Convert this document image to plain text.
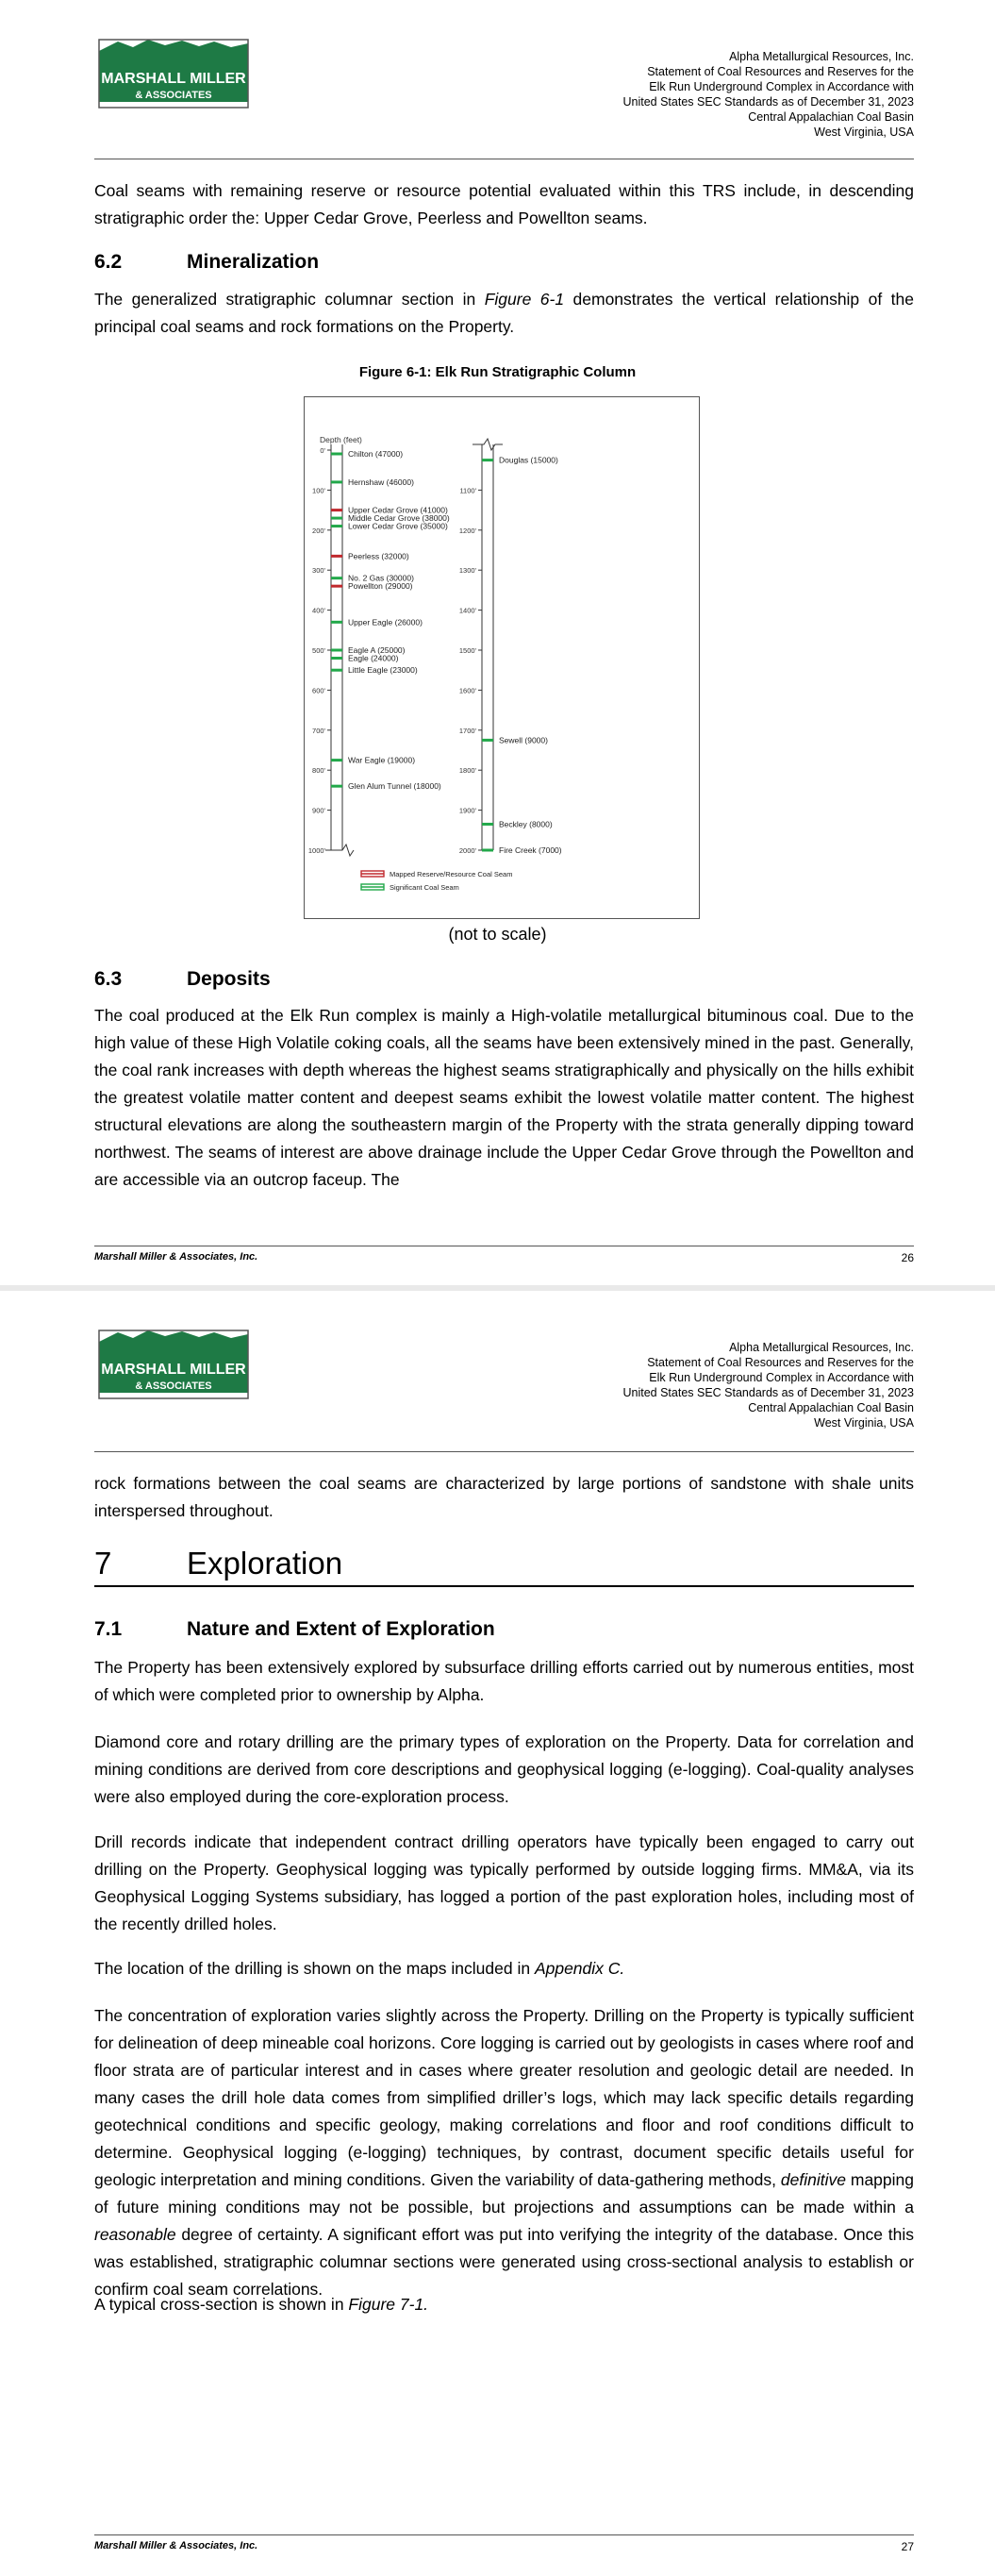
MARSHALL MILLER
& ASSOCIATES
Alpha Metallurgical Resources, Inc.
Statement of Coal Resources and Reserves for the
Elk Run Underground Complex in Accordance with
United States SEC Standards as of December 31, 2023
Central Appalachian Coal Basin
West Virginia, USA
Coal seams with remaining reserve or resource potential evaluated within this TRS include, in descending stratigraphic order the: Upper Cedar Grove, Peerless and Powellton seams.
6.2	Mineralization
The generalized stratigraphic columnar section in Figure 6-1 demonstrates the vertical relationship of the principal coal seams and rock formations on the Property.
Figure 6-1: Elk Run Stratigraphic Column
Depth (feet)
0'
100'
200'
300'
400'
500'
600'
700'
800'
900'
1000'
1100'
1200'
1300'
1400'
1500'
1600'
1700'
1800'
1900'
2000'
Chilton (47000)
Hernshaw (46000)
Upper Cedar Grove (41000)
Middle Cedar Grove (38000)
Lower Cedar Grove (35000)
Peerless (32000)
No. 2 Gas (30000)
Powellton (29000)
Upper Eagle (26000)
Eagle A (25000)
Eagle (24000)
Little Eagle (23000)
War Eagle (19000)
Glen Alum Tunnel (18000)
Douglas (15000)
Sewell (9000)
Beckley (8000)
Fire Creek (7000)
Mapped Reserve/Resource Coal Seam
Significant Coal Seam
(not to scale)
6.3	Deposits
The coal produced at the Elk Run complex is mainly a High-volatile metallurgical bituminous coal. Due to the high value of these High Volatile coking coals, all the seams have been extensively mined in the past. Generally, the coal rank increases with depth whereas the highest seams stratigraphically and physically on the hills exhibit the greatest volatile matter content and deepest seams exhibit the lowest volatile matter content. The highest structural elevations are along the southeastern margin of the Property with the strata generally dipping toward northwest. The seams of interest are above drainage include the Upper Cedar Grove through the Powellton and are accessible via an outcrop faceup. The
Marshall Miller & Associates, Inc.	26
MARSHALL MILLER
& ASSOCIATES
Alpha Metallurgical Resources, Inc.
Statement of Coal Resources and Reserves for the
Elk Run Underground Complex in Accordance with
United States SEC Standards as of December 31, 2023
Central Appalachian Coal Basin
West Virginia, USA
rock formations between the coal seams are characterized by large portions of sandstone with shale units interspersed throughout.
7 Exploration
7.1	Nature and Extent of Exploration
The Property has been extensively explored by subsurface drilling efforts carried out by numerous entities, most of which were completed prior to ownership by Alpha.
Diamond core and rotary drilling are the primary types of exploration on the Property. Data for correlation and mining conditions are derived from core descriptions and geophysical logging (e-logging). Coal-quality analyses were also employed during the core-exploration process.
Drill records indicate that independent contract drilling operators have typically been engaged to carry out drilling on the Property. Geophysical logging was typically performed by outside logging firms. MM&A, via its Geophysical Logging Systems subsidiary, has logged a portion of the past exploration holes, including most of the recently drilled holes.
The location of the drilling is shown on the maps included in Appendix C.
The concentration of exploration varies slightly across the Property. Drilling on the Property is typically sufficient for delineation of deep mineable coal horizons. Core logging is carried out by geologists in cases where roof and floor strata are of particular interest and in cases where greater resolution and geologic detail are needed. In many cases the drill hole data comes from simplified driller’s logs, which may lack specific details regarding geotechnical conditions and specific geology, making correlations and floor and roof conditions difficult to determine. Geophysical logging (e-logging) techniques, by contrast, document specific details useful for geologic interpretation and mining conditions. Given the variability of data-gathering methods, definitive mapping of future mining conditions may not be possible, but projections and assumptions can be made within a reasonable degree of certainty. A significant effort was put into verifying the integrity of the database. Once this was established, stratigraphic columnar sections were generated using cross-sectional analysis to establish or confirm coal seam correlations.
A typical cross-section is shown in Figure 7-1.
Marshall Miller & Associates, Inc.	27
